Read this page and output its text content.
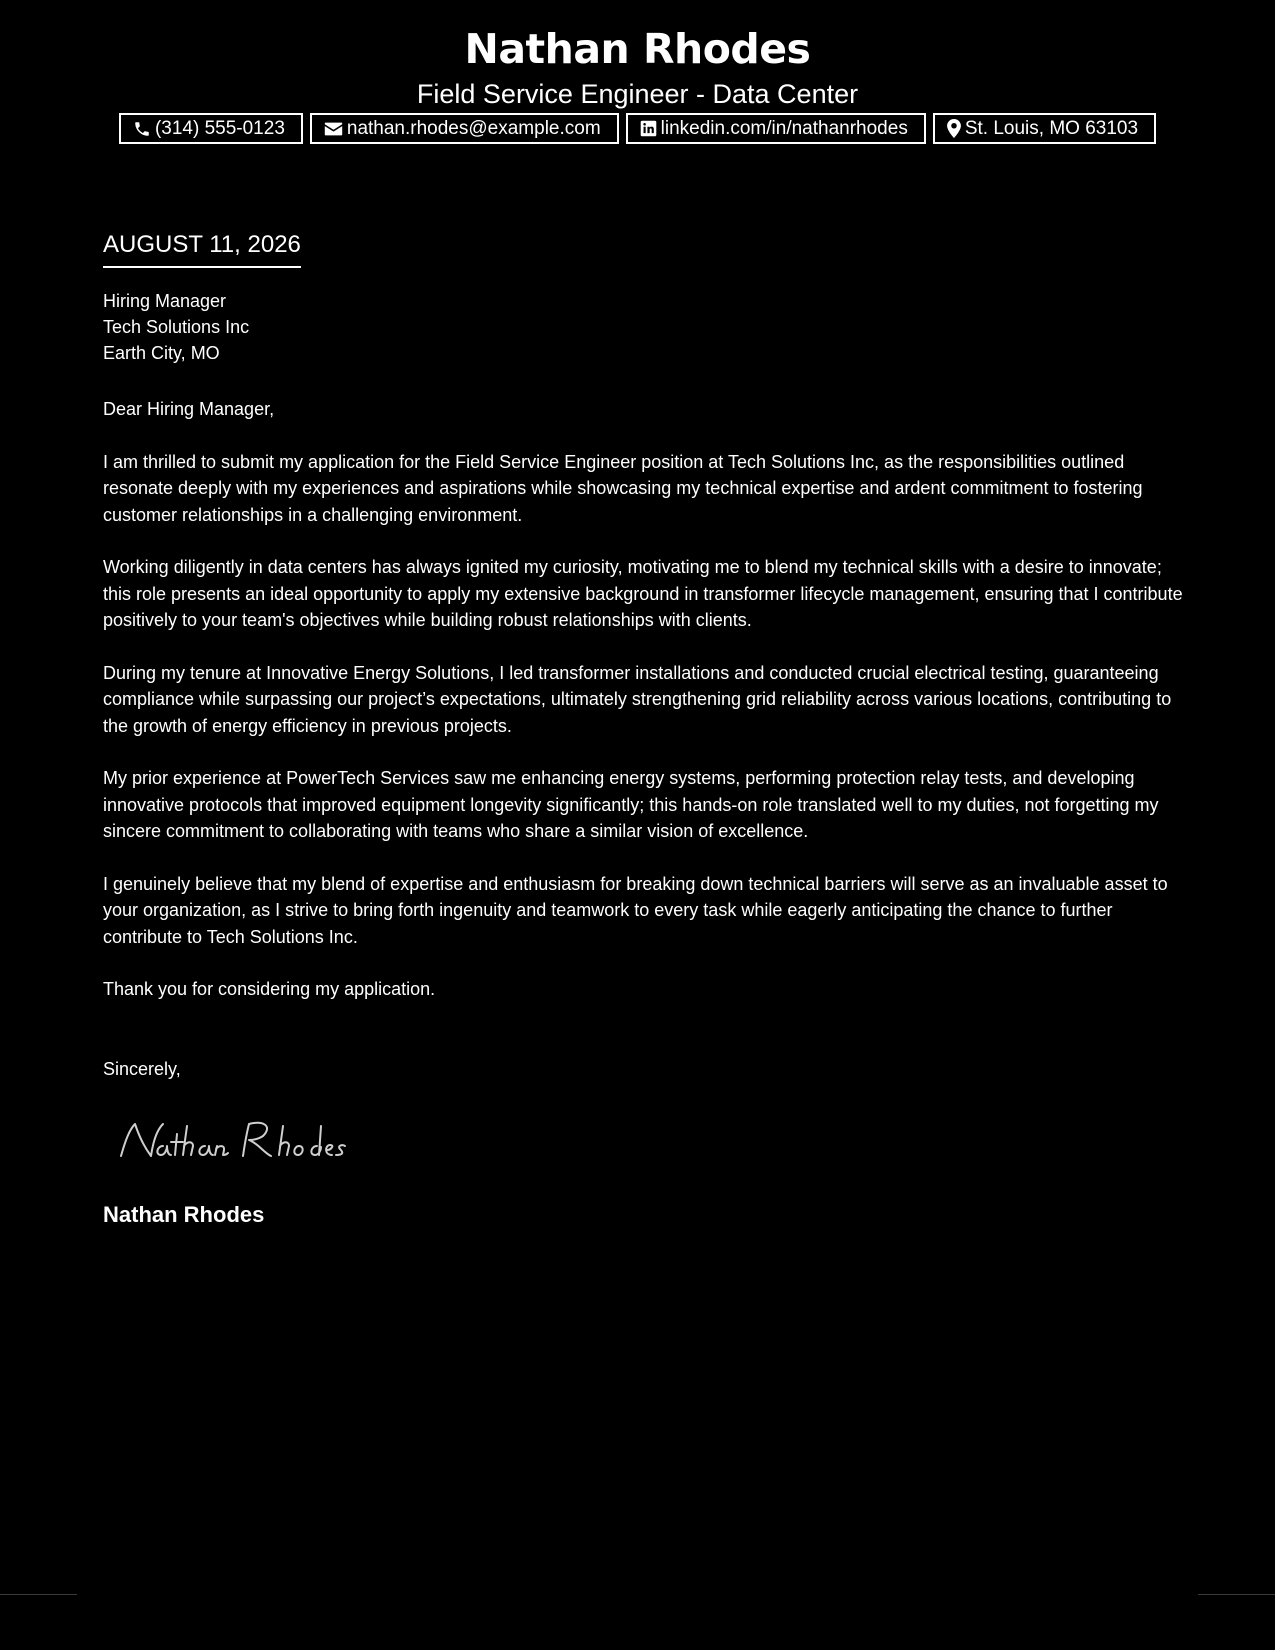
Nathan Rhodes
Field Service Engineer - Data Center
(314) 555-0123	nathan.rhodes@example.com	linkedin.com/in/nathanrhodes	St. Louis, MO 63103
AUGUST 11, 2026
Hiring Manager
Tech Solutions Inc
Earth City, MO

Dear Hiring Manager,

I am thrilled to submit my application for the Field Service Engineer position at Tech Solutions Inc, as the responsibilities outlined resonate deeply with my experiences and aspirations while showcasing my technical expertise and ardent commitment to fostering customer relationships in a challenging environment.

Working diligently in data centers has always ignited my curiosity, motivating me to blend my technical skills with a desire to innovate; this role presents an ideal opportunity to apply my extensive background in transformer lifecycle management, ensuring that I contribute positively to your team's objectives while building robust relationships with clients.

During my tenure at Innovative Energy Solutions, I led transformer installations and conducted crucial electrical testing, guaranteeing compliance while surpassing our project’s expectations, ultimately strengthening grid reliability across various locations, contributing to the growth of energy efficiency in previous projects.

My prior experience at PowerTech Services saw me enhancing energy systems, performing protection relay tests, and developing innovative protocols that improved equipment longevity significantly; this hands-on role translated well to my duties, not forgetting my sincere commitment to collaborating with teams who share a similar vision of excellence.

I genuinely believe that my blend of expertise and enthusiasm for breaking down technical barriers will serve as an invaluable asset to your organization, as I strive to bring forth ingenuity and teamwork to every task while eagerly anticipating the chance to further contribute to Tech Solutions Inc.

Thank you for considering my application.

Sincerely,
Nathan Rhodes
